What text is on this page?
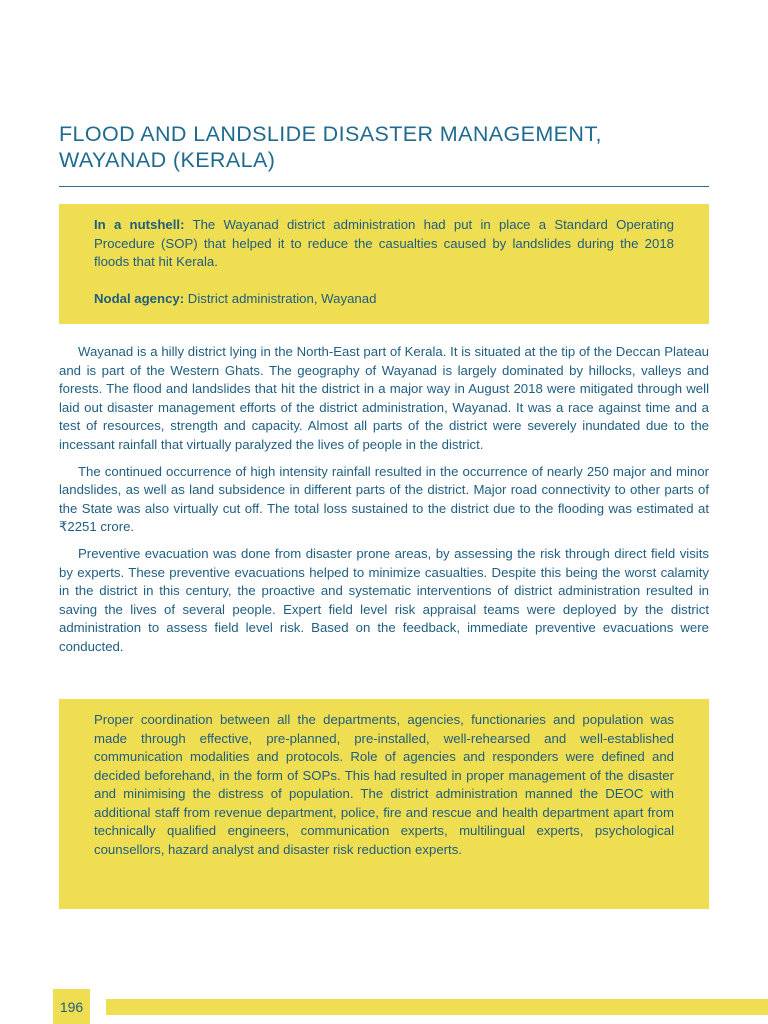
FLOOD AND LANDSLIDE DISASTER MANAGEMENT,
WAYANAD (KERALA)

In a nutshell: The Wayanad district administration had put in place a Standard Operating Procedure (SOP) that helped it to reduce the casualties caused by landslides during the 2018 floods that hit Kerala.

Nodal agency: District administration, Wayanad

Wayanad is a hilly district lying in the North-East part of Kerala. It is situated at the tip of the Deccan Plateau and is part of the Western Ghats. The geography of Wayanad is largely dominated by hillocks, valleys and forests. The flood and landslides that hit the district in a major way in August 2018 were mitigated through well laid out disaster management efforts of the district administration, Wayanad. It was a race against time and a test of resources, strength and capacity. Almost all parts of the district were severely inundated due to the incessant rainfall that virtually paralyzed the lives of people in the district.

The continued occurrence of high intensity rainfall resulted in the occurrence of nearly 250 major and minor landslides, as well as land subsidence in different parts of the district. Major road connectivity to other parts of the State was also virtually cut off. The total loss sustained to the district due to the flooding was estimated at ₹2251 crore.

Preventive evacuation was done from disaster prone areas, by assessing the risk through direct field visits by experts. These preventive evacuations helped to minimize casualties. Despite this being the worst calamity in the district in this century, the proactive and systematic interventions of district administration resulted in saving the lives of several people. Expert field level risk appraisal teams were deployed by the district administration to assess field level risk. Based on the feedback, immediate preventive evacuations were conducted.

Proper coordination between all the departments, agencies, functionaries and population was made through effective, pre-planned, pre-installed, well-rehearsed and well-established communication modalities and protocols. Role of agencies and responders were defined and decided beforehand, in the form of SOPs. This had resulted in proper management of the disaster and minimising the distress of population. The district administration manned the DEOC with additional staff from revenue department, police, fire and rescue and health department apart from technically qualified engineers, communication experts, multilingual experts, psychological counsellors, hazard analyst and disaster risk reduction experts.

196
